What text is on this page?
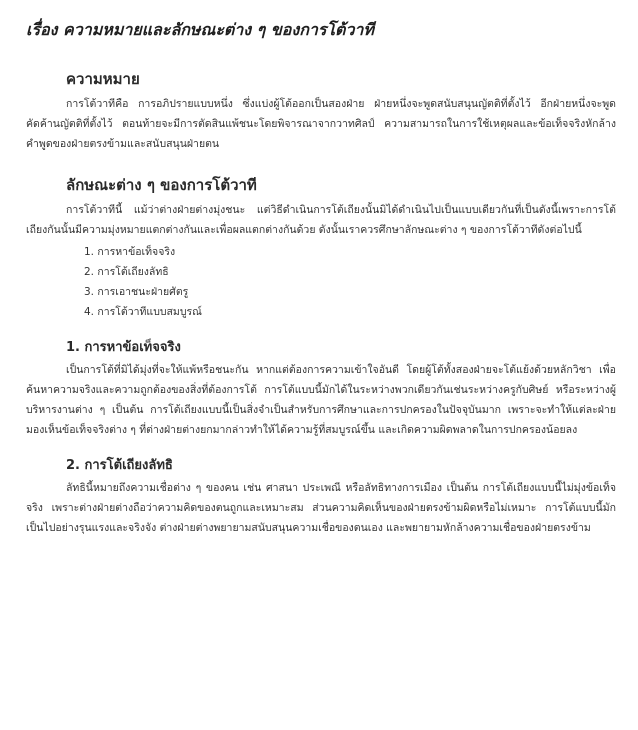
เรื่อง ความหมายและลักษณะต่าง ๆ ของการโต้วาที
ความหมาย

การโต้วาทีคือ การอภิปรายแบบหนึ่ง ซึ่งแบ่งผู้โต้ออกเป็นสองฝ่าย ฝ่ายหนึ่งจะพูดสนับสนุนญัตติที่ตั้งไว้ อีกฝ่ายหนึ่งจะพูดคัดค้านญัตติที่ตั้งไว้ ตอนท้ายจะมีการตัดสินแพ้ชนะโดยพิจารณาจากวาทศิลป์ ความสามารถในการใช้เหตุผลและข้อเท็จจริงหักล้างคำพูดของฝ่ายตรงข้ามและสนับสนุนฝ่ายตน

ลักษณะต่าง ๆ ของการโต้วาที

การโต้วาทีนี้ แม้ว่าต่างฝ่ายต่างมุ่งชนะ แต่วิธีดำเนินการโต้เถียงนั้นมิได้ดำเนินไปเป็นแบบเดียวกันที่เป็นดังนี้เพราะการโต้เถียงกันนั้นมีความมุ่งหมายแตกต่างกันและเพื่อผลแตกต่างกันด้วย ดังนั้นเราควรศึกษาลักษณะต่าง ๆ ของการโต้วาทีดังต่อไปนี้

1. การหาข้อเท็จจริง
2. การโต้เถียงลัทธิ
3. การเอาชนะฝ่ายศัตรู
4. การโต้วาทีแบบสมบูรณ์
1. การหาข้อเท็จจริง

เป็นการโต้ที่มิได้มุ่งที่จะให้แพ้หรือชนะกัน หากแต่ต้องการความเข้าใจอันดี โดยผู้โต้ทั้งสองฝ่ายจะโต้แย้งด้วยหลักวิชา เพื่อค้นหาความจริงและความถูกต้องของสิ่งที่ต้องการโต้ การโต้แบบนี้มักได้ในระหว่างพวกเดียวกันเช่นระหว่างครูกับศิษย์ หรือระหว่างผู้บริหารงานต่าง ๆ เป็นต้น การโต้เถียงแบบนี้เป็นสิ่งจำเป็นสำหรับการศึกษาและการปกครองในปัจจุบันมาก เพราะจะทำให้แต่ละฝ่ายมองเห็นข้อเท็จจริงต่าง ๆ ที่ต่างฝ่ายต่างยกมากล่าวทำให้ได้ความรู้ที่สมบูรณ์ขึ้น และเกิดความผิดพลาดในการปกครองน้อยลง

2. การโต้เถียงลัทธิ

ลัทธินี้หมายถึงความเชื่อต่าง ๆ ของคน เช่น ศาสนา ประเพณี หรือลัทธิทางการเมือง เป็นต้น การโต้เถียงแบบนี้ไม่มุ่งข้อเท็จจริง เพราะต่างฝ่ายต่างถือว่าความคิดของตนถูกและเหมาะสม ส่วนความคิดเห็นของฝ่ายตรงข้ามผิดหรือไม่เหมาะ การโต้แบบนี้มักเป็นไปอย่างรุนแรงและจริงจัง ต่างฝ่ายต่างพยายามสนับสนุนความเชื่อของตนเอง และพยายามหักล้างความเชื่อของฝ่ายตรงข้าม
